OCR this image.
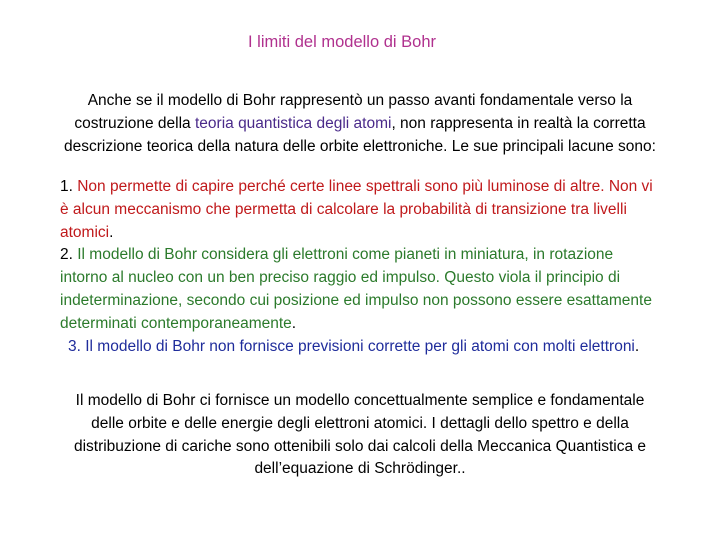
I limiti del modello di Bohr
Anche se il modello di Bohr rappresentò un passo avanti fondamentale verso la costruzione della teoria quantistica degli atomi, non rappresenta in realtà la corretta descrizione teorica della natura delle orbite elettroniche. Le sue principali lacune sono:
1. Non permette di capire perché certe linee spettrali sono più luminose di altre. Non vi è alcun meccanismo che permetta di calcolare la probabilità di transizione tra livelli atomici.
2. Il modello di Bohr considera gli elettroni come pianeti in miniatura, in rotazione intorno al nucleo con un ben preciso raggio ed impulso. Questo viola il principio di indeterminazione, secondo cui posizione ed impulso non possono essere esattamente determinati contemporaneamente.
3. Il modello di Bohr non fornisce previsioni corrette per gli atomi con molti elettroni.
Il modello di Bohr ci fornisce un modello concettualmente semplice e fondamentale delle orbite e delle energie degli elettroni atomici. I dettagli dello spettro e della distribuzione di cariche sono ottenibili solo dai calcoli della Meccanica Quantistica e dell’equazione di Schrödinger..
